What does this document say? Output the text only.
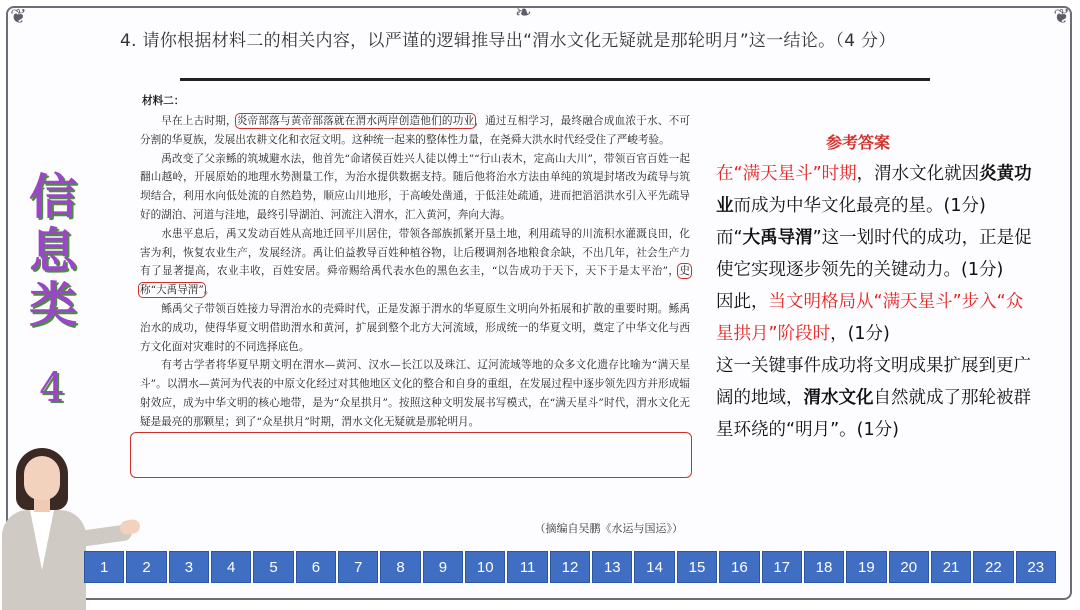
❦	❦
❧
4. 请你根据材料二的相关内容，以严谨的逻辑推导出“渭水文化无疑就是那轮明月”这一结论。（4 分）
信
息
类
4
材料二：

早在上古时期，炎帝部落与黄帝部落就在渭水两岸创造他们的功业，通过互相学习，最终融合成血浓于水、不可分割的华夏族，发展出农耕文化和衣冠文明。这种统一起来的整体性力量，在尧舜大洪水时代经受住了严峻考验。

禹改变了父亲鲧的筑城避水法，他首先“命诸侯百姓兴人徒以傅土”“行山表木，定高山大川”，带领百官百姓一起翻山越岭，开展原始的地理水势测量工作，为治水提供数据支持。随后他将治水方法由单纯的筑堤封堵改为疏导与筑坝结合，利用水向低处流的自然趋势，顺应山川地形，于高峻处凿通，于低洼处疏通，进而把滔滔洪水引入平先疏导好的湖泊、河道与洼地，最终引导湖泊、河流注入渭水，汇入黄河，奔向大海。

水患平息后，禹又发动百姓从高地迁回平川居住，带领各部族抓紧开垦土地，利用疏导的川流积水灌溉良田，化害为利，恢复农业生产，发展经济。禹让伯益教导百姓种植谷物，让后稷调剂各地粮食余缺，不出几年，社会生产力有了显著提高，农业丰收，百姓安居。舜帝赐给禹代表水色的黑色玄圭，“以告成功于天下，天下于是太平治”，史称“大禹导渭”。

鲧禹父子带领百姓接力导渭治水的壳舜时代，正是发源于渭水的华夏原生文明向外拓展和扩散的重要时期。鲧禹治水的成功，使得华夏文明借助渭水和黄河，扩展到整个北方大河流域，形成统一的华夏文明，奠定了中华文化与西方文化面对灾难时的不同选择底色。

有考古学者将华夏早期文明在渭水—黄河、汉水—长江以及珠江、辽河流域等地的众多文化遗存比喻为“满天星斗”。以渭水—黄河为代表的中原文化经过对其他地区文化的整合和自身的重组，在发展过程中逐步领先四方并形成辐射效应，成为中华文明的核心地带，是为“众星拱月”。按照这种文明发展书写模式，在“满天星斗”时代，渭水文化无疑是最亮的那颗星；到了“众星拱月”时期，渭水文化无疑就是那轮明月。

（摘编自吴鹏《水运与国运》）
参考答案

在“满天星斗”时期，渭水文化就因炎黄功业而成为中华文化最亮的星。(1分)

而“大禹导渭”这一划时代的成功，正是促使它实现逐步领先的关键动力。(1分)

因此，当文明格局从“满天星斗”步入“众星拱月”阶段时，(1分)

这一关键事件成功将文明成果扩展到更广阔的地域，渭水文化自然就成了那轮被群星环绕的“明月”。(1分)

1	2	3	4	5	6	7	8	9	10	11	12	13	14	15	16	17	18	19	20	21	22	23
